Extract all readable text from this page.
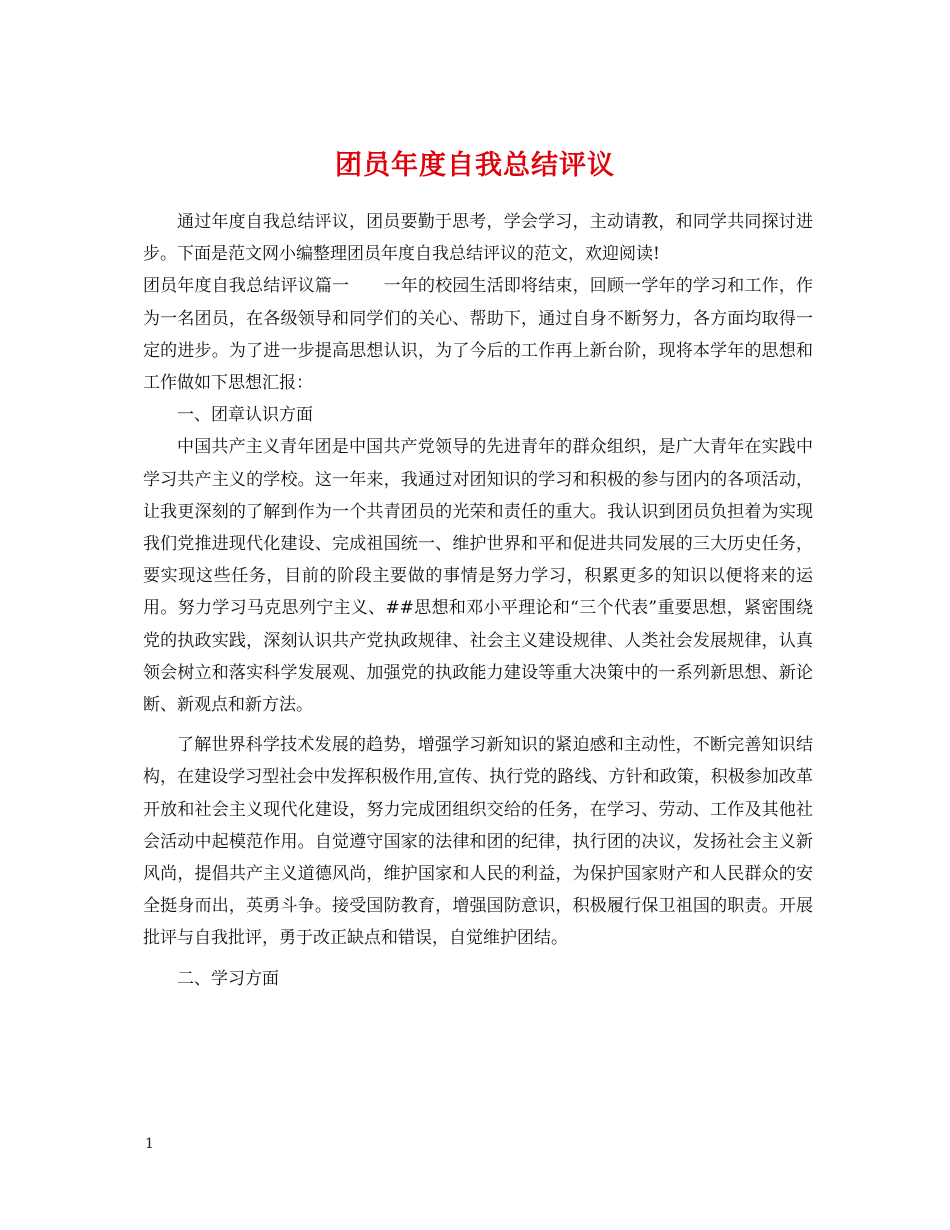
团员年度自我总结评议

通过年度自我总结评议，团员要勤于思考，学会学习，主动请教，和同学共同探讨进步。下面是范文网小编整理团员年度自我总结评议的范文，欢迎阅读!

团员年度自我总结评议篇一　　一年的校园生活即将结束，回顾一学年的学习和工作，作为一名团员，在各级领导和同学们的关心、帮助下，通过自身不断努力，各方面均取得一定的进步。为了进一步提高思想认识，为了今后的工作再上新台阶，现将本学年的思想和工作做如下思想汇报：

一、团章认识方面

中国共产主义青年团是中国共产党领导的先进青年的群众组织，是广大青年在实践中学习共产主义的学校。这一年来，我通过对团知识的学习和积极的参与团内的各项活动，让我更深刻的了解到作为一个共青团员的光荣和责任的重大。我认识到团员负担着为实现我们党推进现代化建设、完成祖国统一、维护世界和平和促进共同发展的三大历史任务，要实现这些任务，目前的阶段主要做的事情是努力学习，积累更多的知识以便将来的运用。努力学习马克思列宁主义、##思想和邓小平理论和“三个代表”重要思想，紧密围绕党的执政实践，深刻认识共产党执政规律、社会主义建设规律、人类社会发展规律，认真领会树立和落实科学发展观、加强党的执政能力建设等重大决策中的一系列新思想、新论断、新观点和新方法。

了解世界科学技术发展的趋势，增强学习新知识的紧迫感和主动性，不断完善知识结构，在建设学习型社会中发挥积极作用,宣传、执行党的路线、方针和政策，积极参加改革开放和社会主义现代化建设，努力完成团组织交给的任务，在学习、劳动、工作及其他社会活动中起模范作用。自觉遵守国家的法律和团的纪律，执行团的决议，发扬社会主义新风尚，提倡共产主义道德风尚，维护国家和人民的利益，为保护国家财产和人民群众的安全挺身而出，英勇斗争。接受国防教育，增强国防意识，积极履行保卫祖国的职责。开展批评与自我批评，勇于改正缺点和错误，自觉维护团结。

二、学习方面

1
